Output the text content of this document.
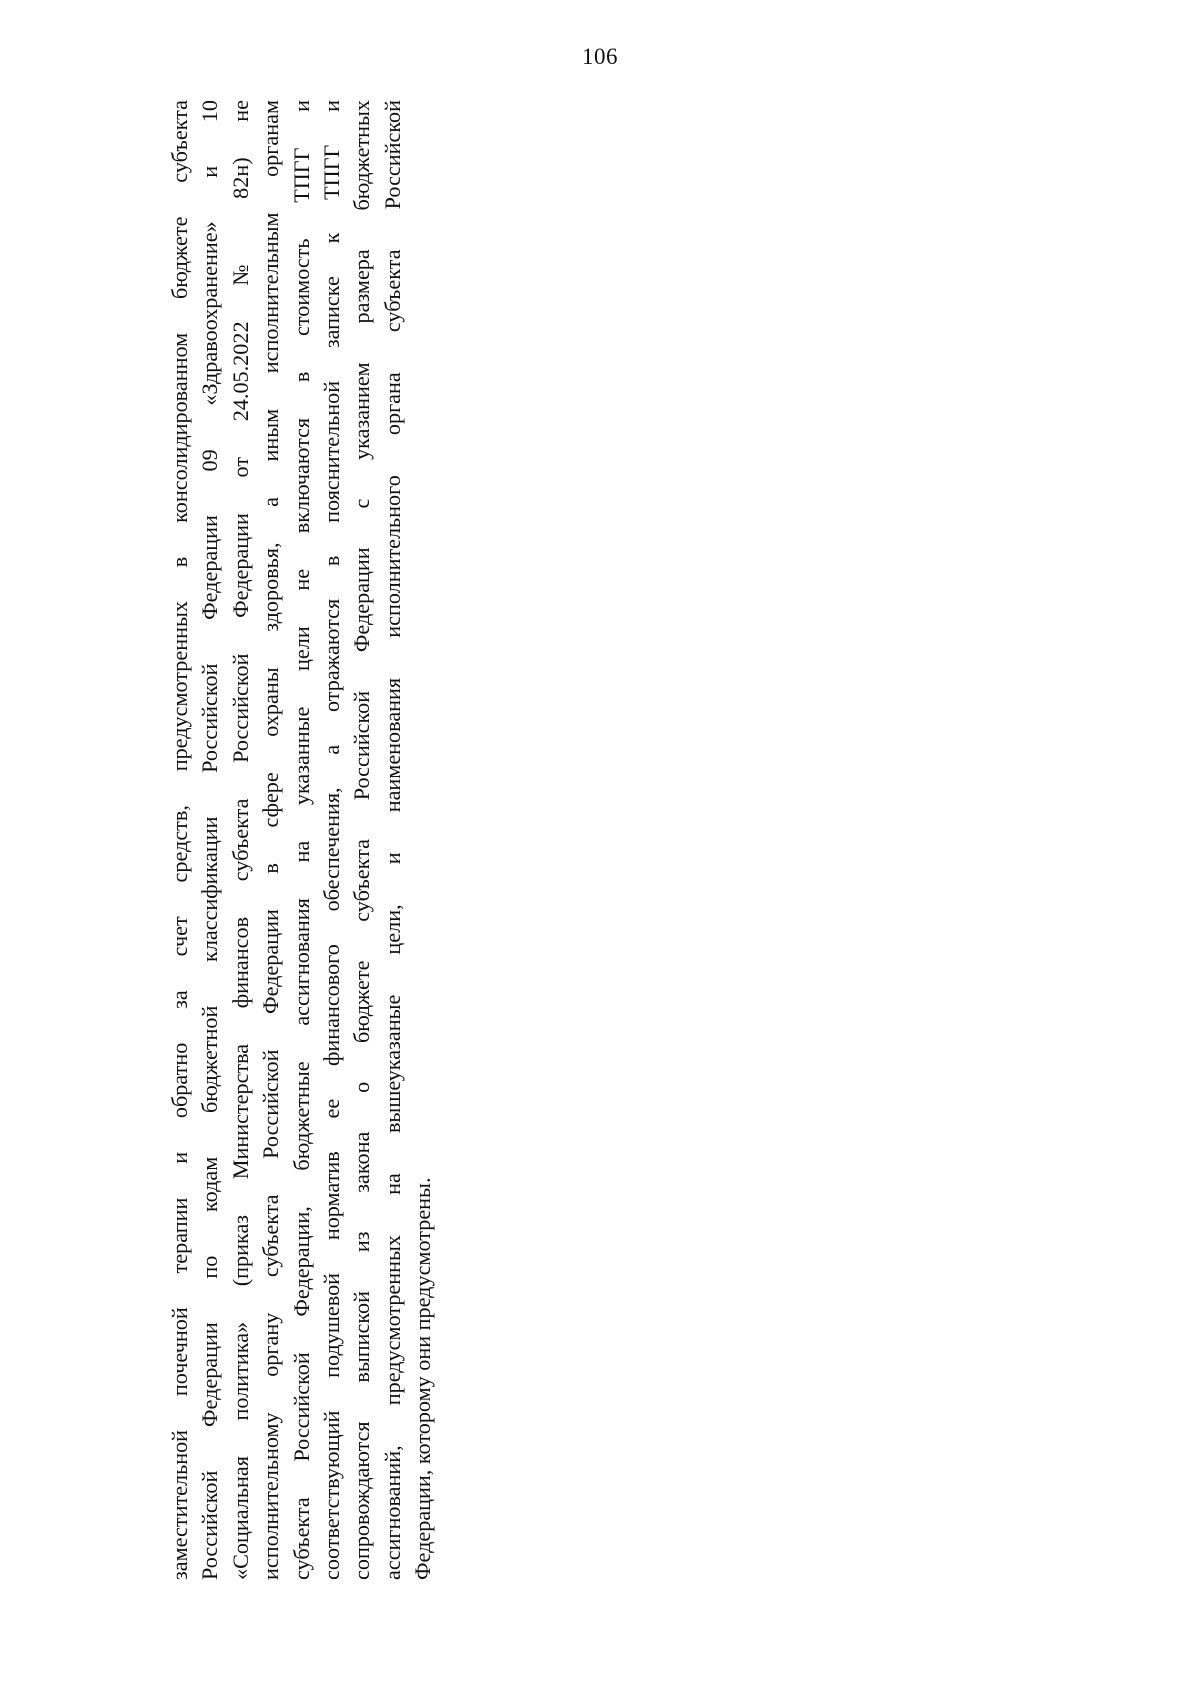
106

заместительной почечной терапии и обратно за счет средств, предусмотренных в консолидированном бюджете субъекта Российской Федерации по кодам бюджетной классификации Российской Федерации 09 «Здравоохранение» и 10 «Социальная политика» (приказ Министерства финансов субъекта Российской Федерации от 24.05.2022 № 82н) не исполнительному органу субъекта Российской Федерации в сфере охраны здоровья, а иным исполнительным органам субъекта Российской Федерации, бюджетные ассигнования на указанные цели не включаются в стоимость ТПГГ и соответствующий подушевой норматив ее финансового обеспечения, а отражаются в пояснительной записке к ТПГГ и сопровождаются выпиской из закона о бюджете субъекта Российской Федерации с указанием размера бюджетных ассигнований, предусмотренных на вышеуказаные цели, и наименования исполнительного органа субъекта Российской Федерации, которому они предусмотрены.
